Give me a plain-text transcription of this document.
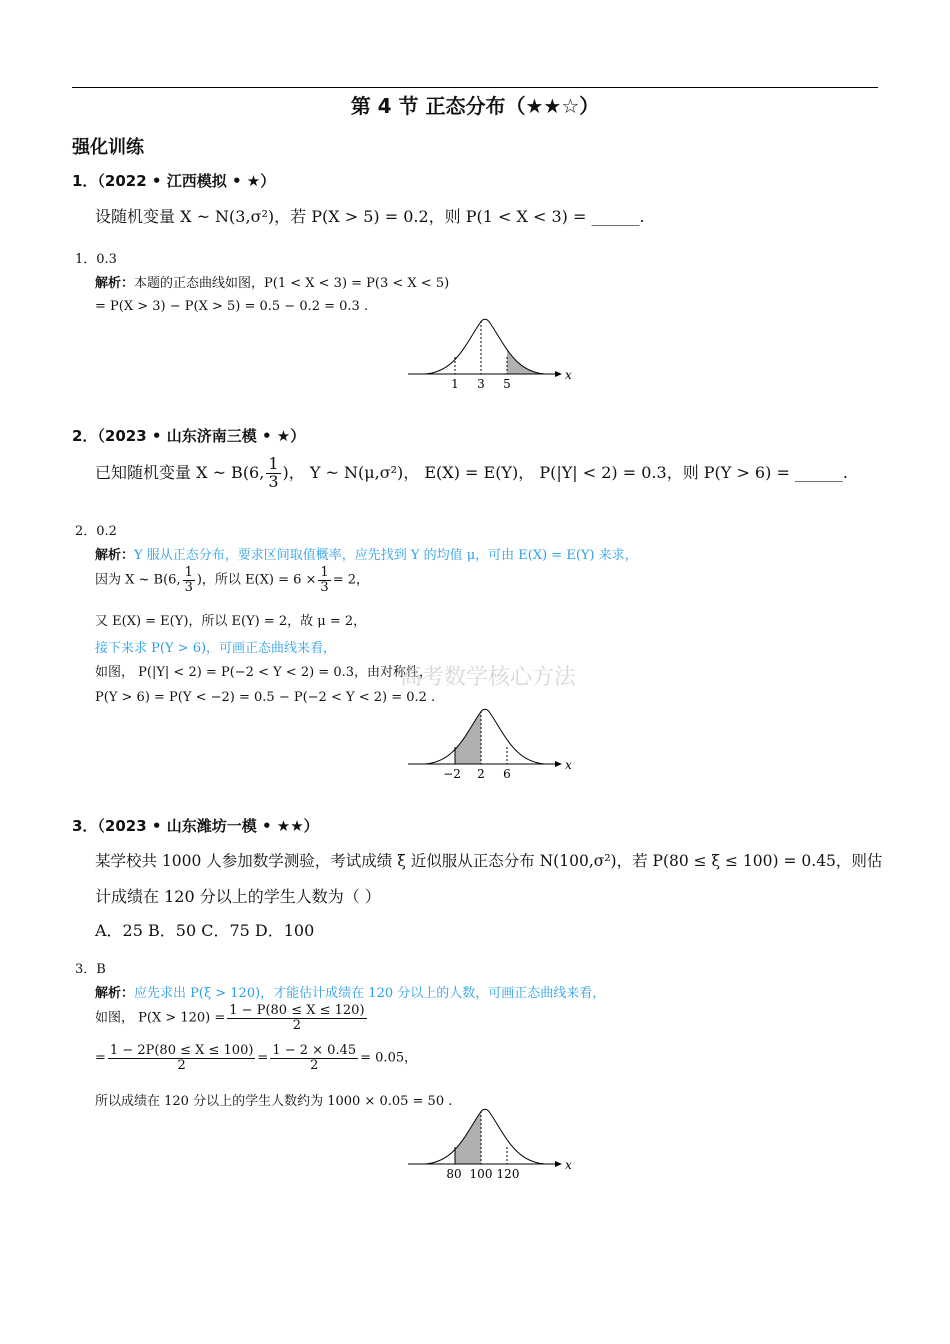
第 4 节 正态分布（★★☆）
强化训练
1．（2022 • 江西模拟 • ★）
设随机变量 X ~ N(3,σ²)，若 P(X > 5) = 0.2，则 P(1 < X < 3) = ______.
1．0.3
解析：本题的正态曲线如图，P(1 < X < 3) = P(3 < X < 5)
= P(X > 3) − P(X > 5) = 0.5 − 0.2 = 0.3 .
1 3 5
x
2．（2023 • 山东济南三模 • ★）
已知随机变量 X ~ B(6, $\frac{1}{3}$ )， Y ~ N(μ,σ²)， E(X) = E(Y)， P(|Y| < 2) = 0.3，则 P(Y > 6) = ______.
2．0.2
解析：Y 服从正态分布，要求区间取值概率，应先找到 Y 的均值 μ，可由 E(X) = E(Y) 来求，
因为 X ~ B(6, $\frac{1}{3}$ )，所以 $E(X) = 6 \times \frac{1}{3} = 2$，
又 E(X) = E(Y)，所以 E(Y) = 2，故 μ = 2，
接下来求 P(Y > 6)，可画正态曲线来看，
如图， P(|Y| < 2) = P(−2 < Y < 2) = 0.3，由对称性，
高考数学核心方法
P(Y > 6) = P(Y < −2) = 0.5 − P(−2 < Y < 2) = 0.2 .
−2 2 6
x
3．（2023 • 山东潍坊一模 • ★★）
某学校共 1000 人参加数学测验，考试成绩 ξ 近似服从正态分布 N(100,σ²)，若 P(80 ≤ ξ ≤ 100) = 0.45，则估
计成绩在 120 分以上的学生人数为（ ）
A．25 B．50 C．75 D．100
3．B
解析：应先求出 P(ξ > 120)，才能估计成绩在 120 分以上的人数，可画正态曲线来看，
如图， $P(X > 120) = \frac{1 - P(80 \le X \le 120)}{2}$
= $\frac{1 - 2P(80 \le X \le 100)}{2} = \frac{1 - 2 \times 0.45}{2} = 0.05$，
所以成绩在 120 分以上的学生人数约为 1000 × 0.05 = 50 .
80 100 120
x
